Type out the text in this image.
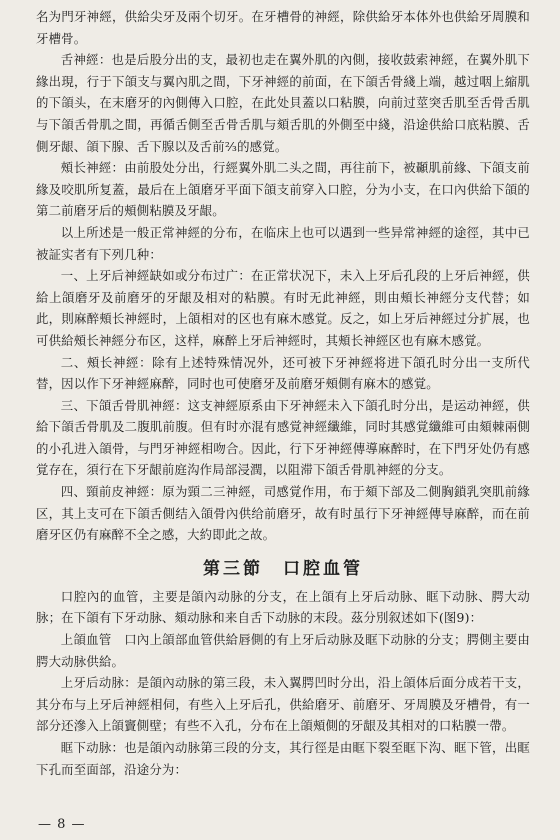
名为門牙神經，供給尖牙及兩个切牙。在牙槽骨的神經，除供給牙本体外也供給牙周膜和牙槽骨。

舌神經：也是后股分出的支，最初也走在翼外肌的內側，接收鼓索神經，在翼外肌下緣出現，行于下頜支与翼內肌之間，下牙神經的前面，在下頜舌骨綫上端，越过咽上縮肌的下頜头，在末磨牙的內側傳入口腔，在此处貝蓋以口粘膜，向前过莖突舌肌至舌骨舌肌与下頜舌骨肌之間，再循舌側至舌骨舌肌与頦舌肌的外側至中綫，沿途供給口底粘膜、舌側牙龈、頜下腺、舌下腺以及舌前⅔的感覚。

頰长神經：由前股处分出，行經翼外肌二头之間，再往前下，被顳肌前緣、下頜支前緣及咬肌所复蓋，最后在上頜磨牙平面下頜支前穿入口腔，分为小支，在口內供給下頜的第二前磨牙后的頰側粘膜及牙龈。

以上所述是一般正常神經的分布，在临床上也可以遇到一些异常神經的途徑，其中已被証实者有下列几种：

一、上牙后神經缺如或分布过广：在正常状况下，未入上牙后孔段的上牙后神經，供給上頜磨牙及前磨牙的牙龈及相对的粘膜。有时无此神經，則由頰长神經分支代替；如此，則麻醉頰长神經时，上頜相对的区也有麻木感覚。反之，如上牙后神經过分扩展，也可供給頰长神經分布区，这样，麻醉上牙后神經时，其頰长神經区也有麻木感覚。

二、頰长神經：除有上述特殊情况外，还可被下牙神經将进下頜孔时分出一支所代替，因以作下牙神經麻醉，同时也可使磨牙及前磨牙頰側有麻木的感覚。

三、下頜舌骨肌神經：这支神經原系由下牙神經未入下頜孔时分出，是运动神經，供給下頜舌骨肌及二腹肌前腹。但有时亦混有感覚神經纖維，同时其感覚纖維可由頦棘兩側的小孔进入頜骨，与門牙神經相吻合。因此，行下牙神經傳導麻醉时，在下門牙处仍有感覚存在，須行在下牙龈前庭沟作局部浸潤，以阻滞下頜舌骨肌神經的分支。

四、頸前皮神經：原为頸二三神經，司感覚作用，布于頦下部及二側胸鎖乳突肌前緣区，其上支可在下頜舌側结入頜骨內供给前磨牙，故有时虽行下牙神經傳导麻醉，而在前磨牙区仍有麻醉不全之感，大約即此之故。

第三節　口腔血管

口腔內的血管，主要是頜內动脉的分支，在上頜有上牙后动脉、眶下动脉、腭大动脉；在下頜有下牙动脉、頦动脉和来自舌下动脉的末段。茲分別叙述如下(图9)：

上頜血管　口內上頜部血管供給唇側的有上牙后动脉及眶下动脉的分支；腭側主要由腭大动脉供給。

上牙后动脉：是頜內动脉的第三段，未入翼腭凹时分出，沿上頜体后面分成若干支，其分布与上牙后神經相伺，有些入上牙后孔，供給磨牙、前磨牙、牙周膜及牙槽骨，有一部分还滲入上頜竇側壁；有些不入孔，分布在上頜頰側的牙龈及其相对的口粘膜一帶。

眶下动脉：也是頜內动脉第三段的分支，其行徑是由眶下裂至眶下沟、眶下管，出眶下孔而至面部，沿途分为：

— 8 —
